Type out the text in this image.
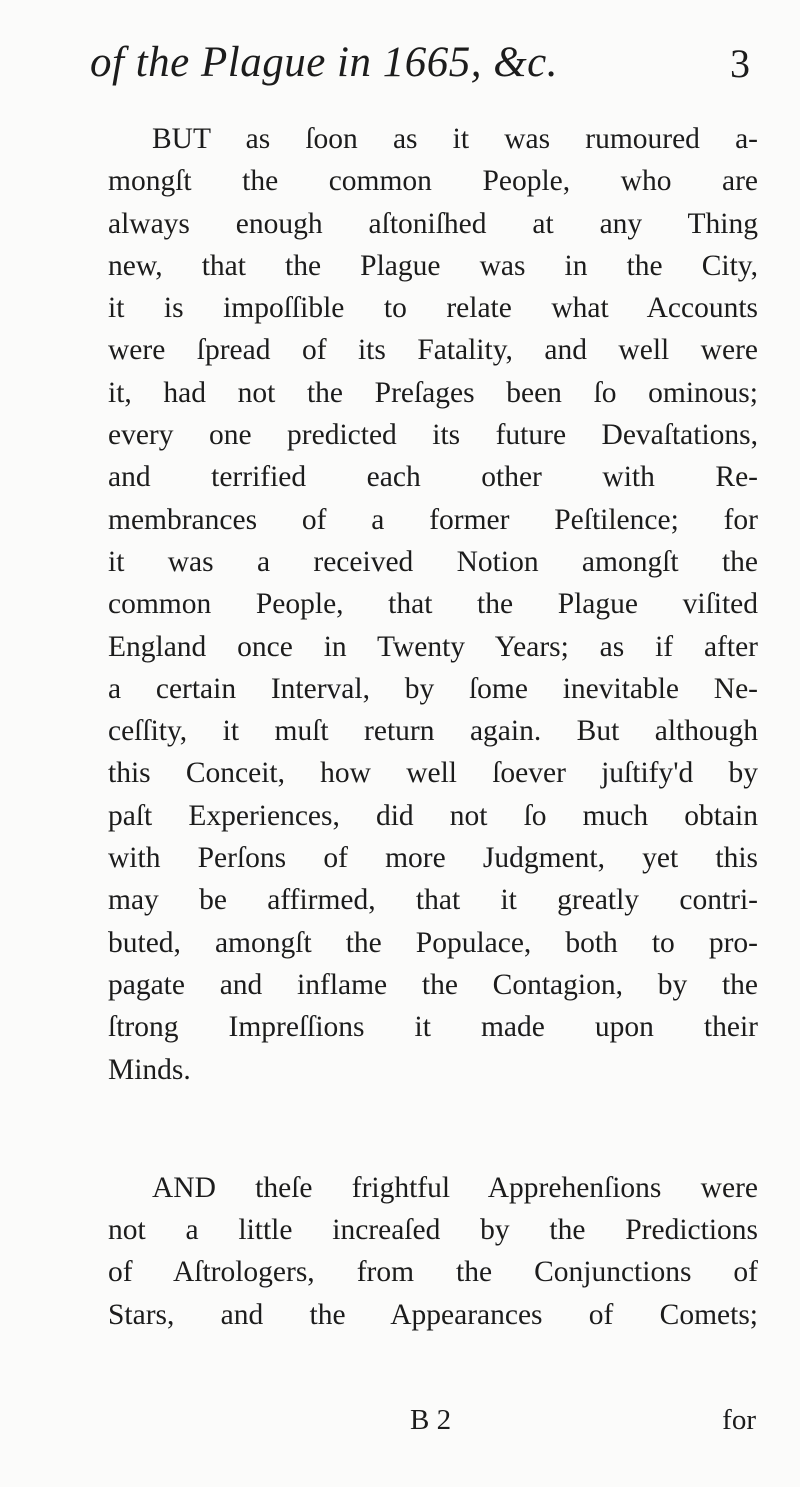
of the Plague in 1665, &c.	3
BUT as ſoon as it was rumoured a-
mongſt the common People, who are
always enough aſtoniſhed at any Thing
new, that the Plague was in the City,
it is impoſſible to relate what Accounts
were ſpread of its Fatality, and well were
it, had not the Preſages been ſo ominous;
every one predicted its future Devaſtations,
and terrified each other with Re-
membrances of a former Peſtilence; for
it was a received Notion amongſt the
common People, that the Plague viſited
England once in Twenty Years; as if after
a certain Interval, by ſome inevitable Ne-
ceſſity, it muſt return again. But although
this Conceit, how well ſoever juſtify'd by
paſt Experiences, did not ſo much obtain
with Perſons of more Judgment, yet this
may be affirmed, that it greatly contri-
buted, amongſt the Populace, both to pro-
pagate and inflame the Contagion, by the
ſtrong Impreſſions it made upon their
Minds.
AND theſe frightful Apprehenſions were
not a little increaſed by the Predictions
of Aſtrologers, from the Conjunctions of
Stars, and the Appearances of Comets;
B 2	for
